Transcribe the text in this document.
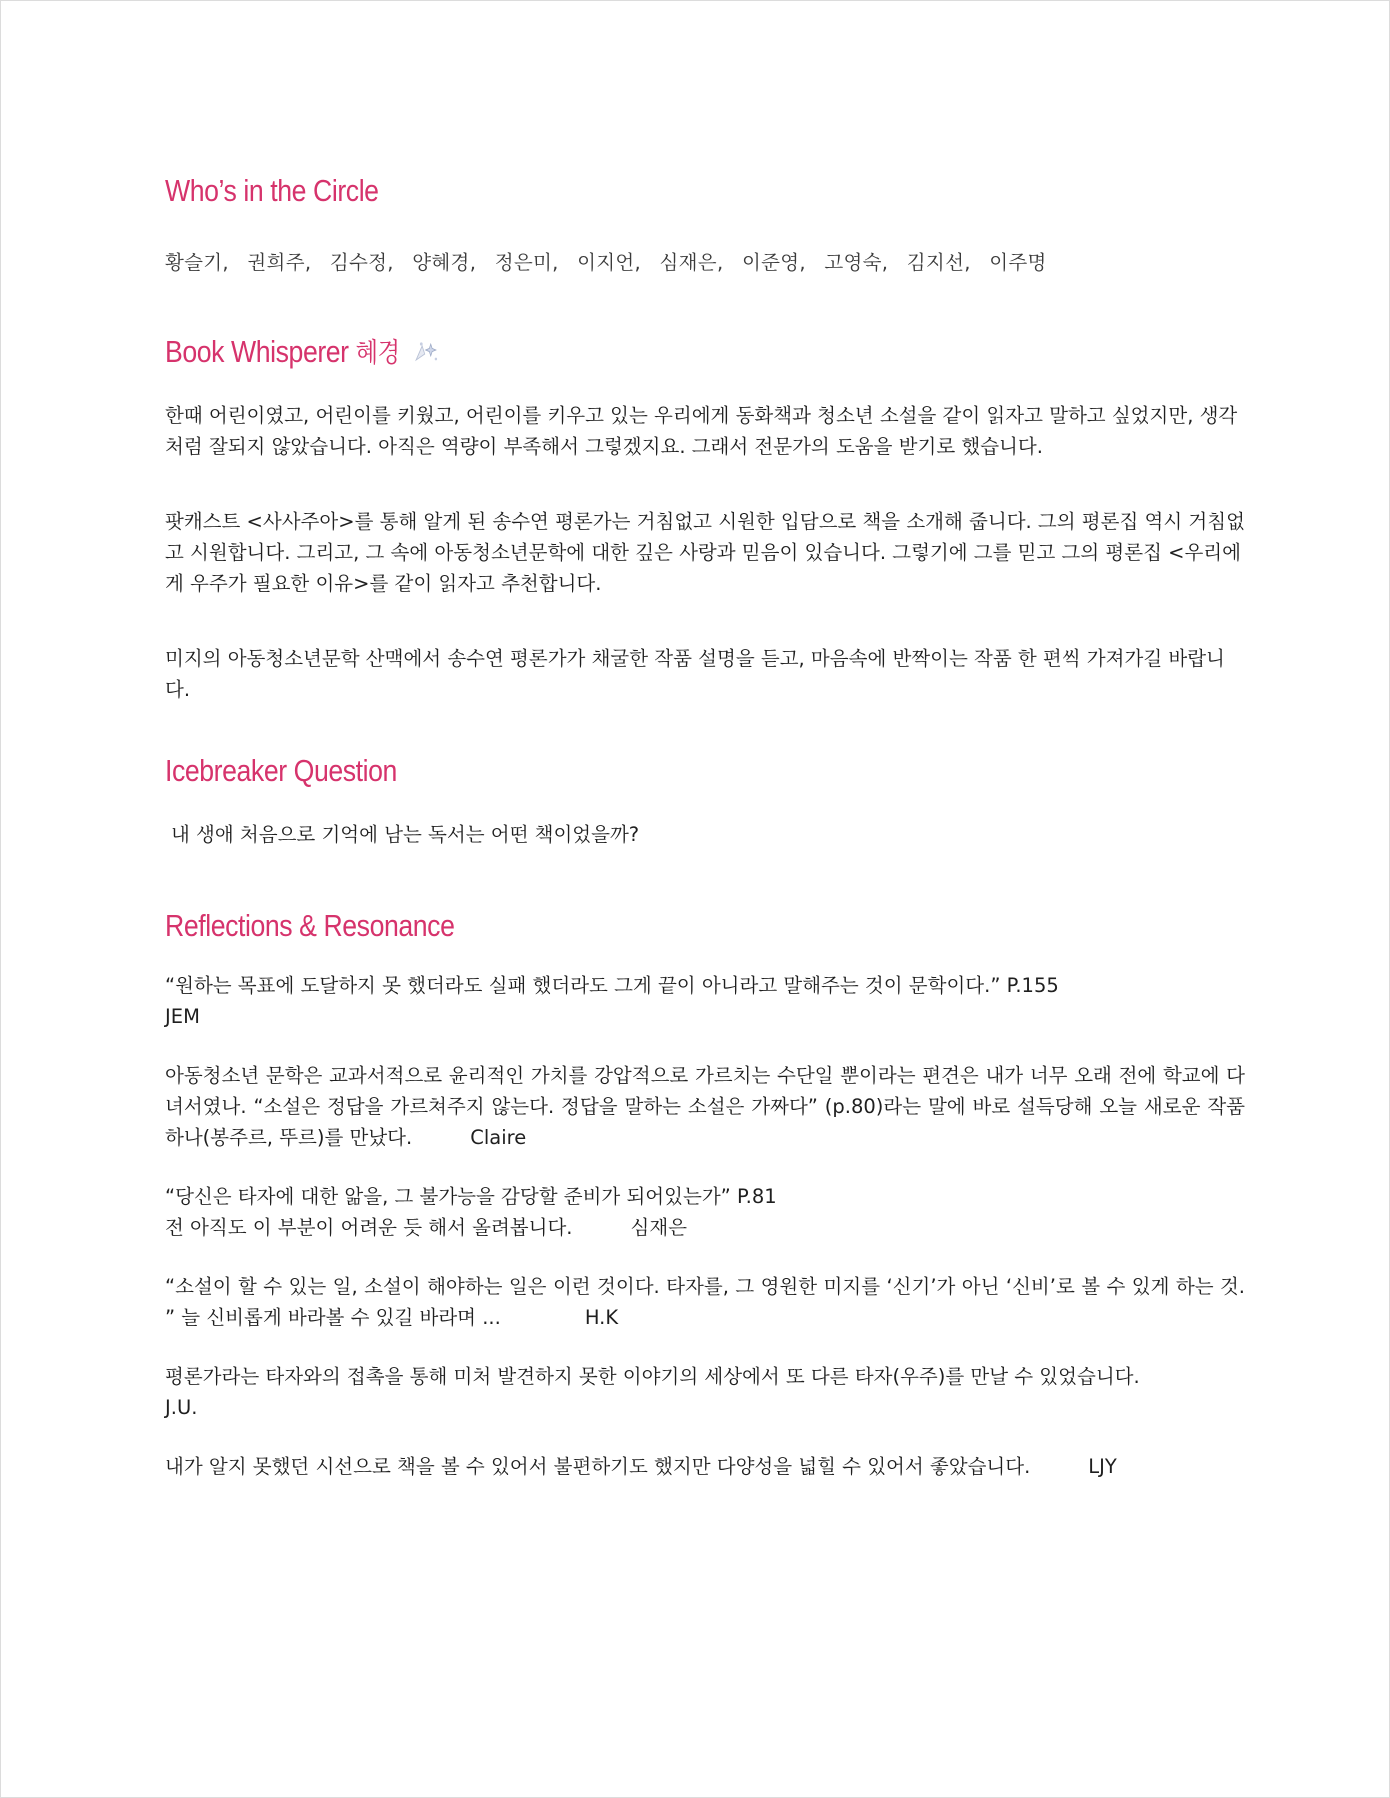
Who’s in the Circle
황슬기, 권희주, 김수정, 양혜경, 정은미, 이지언, 심재은, 이준영, 고영숙, 김지선, 이주명
Book Whisperer 혜경

한때 어린이였고, 어린이를 키웠고, 어린이를 키우고 있는 우리에게 동화책과 청소년 소설을 같이 읽자고 말하고 싶었지만, 생각처럼 잘되지 않았습니다. 아직은 역량이 부족해서 그렇겠지요. 그래서 전문가의 도움을 받기로 했습니다.

팟캐스트 <사사주아>를 통해 알게 된 송수연 평론가는 거침없고 시원한 입담으로 책을 소개해 줍니다. 그의 평론집 역시 거침없고 시원합니다. 그리고, 그 속에 아동청소년문학에 대한 깊은 사랑과 믿음이 있습니다. 그렇기에 그를 믿고 그의 평론집 <우리에게 우주가 필요한 이유>를 같이 읽자고 추천합니다.

미지의 아동청소년문학 산맥에서 송수연 평론가가 채굴한 작품 설명을 듣고, 마음속에 반짝이는 작품 한 편씩 가져가길 바랍니다.

Icebreaker Question

내 생애 처음으로 기억에 남는 독서는 어떤 책이었을까?

Reflections & Resonance

“원하는 목표에 도달하지 못 했더라도 실패 했더라도 그게 끝이 아니라고 말해주는 것이 문학이다.” P.155

JEM

아동청소년 문학은 교과서적으로 윤리적인 가치를 강압적으로 가르치는 수단일 뿐이라는 편견은 내가 너무 오래 전에 학교에 다녀서였나. “소설은 정답을 가르쳐주지 않는다. 정답을 말하는 소설은 가짜다” (p.80)라는 말에 바로 설득당해 오늘 새로운 작품 하나(봉주르, 뚜르)를 만났다.	Claire

“당신은 타자에 대한 앎을, 그 불가능을 감당할 준비가 되어있는가” P.81

전 아직도 이 부분이 어려운 듯 해서 올려봅니다.	심재은

“소설이 할 수 있는 일, 소설이 해야하는 일은 이런 것이다. 타자를, 그 영원한 미지를 ‘신기’가 아닌 ‘신비’로 볼 수 있게 하는 것. ” 늘 신비롭게 바라볼 수 있길 바라며 ...	H.K

평론가라는 타자와의 접촉을 통해 미처 발견하지 못한 이야기의 세상에서 또 다른 타자(우주)를 만날 수 있었습니다.

J.U.

내가 알지 못했던 시선으로 책을 볼 수 있어서 불편하기도 했지만 다양성을 넓힐 수 있어서 좋았습니다.	LJY
